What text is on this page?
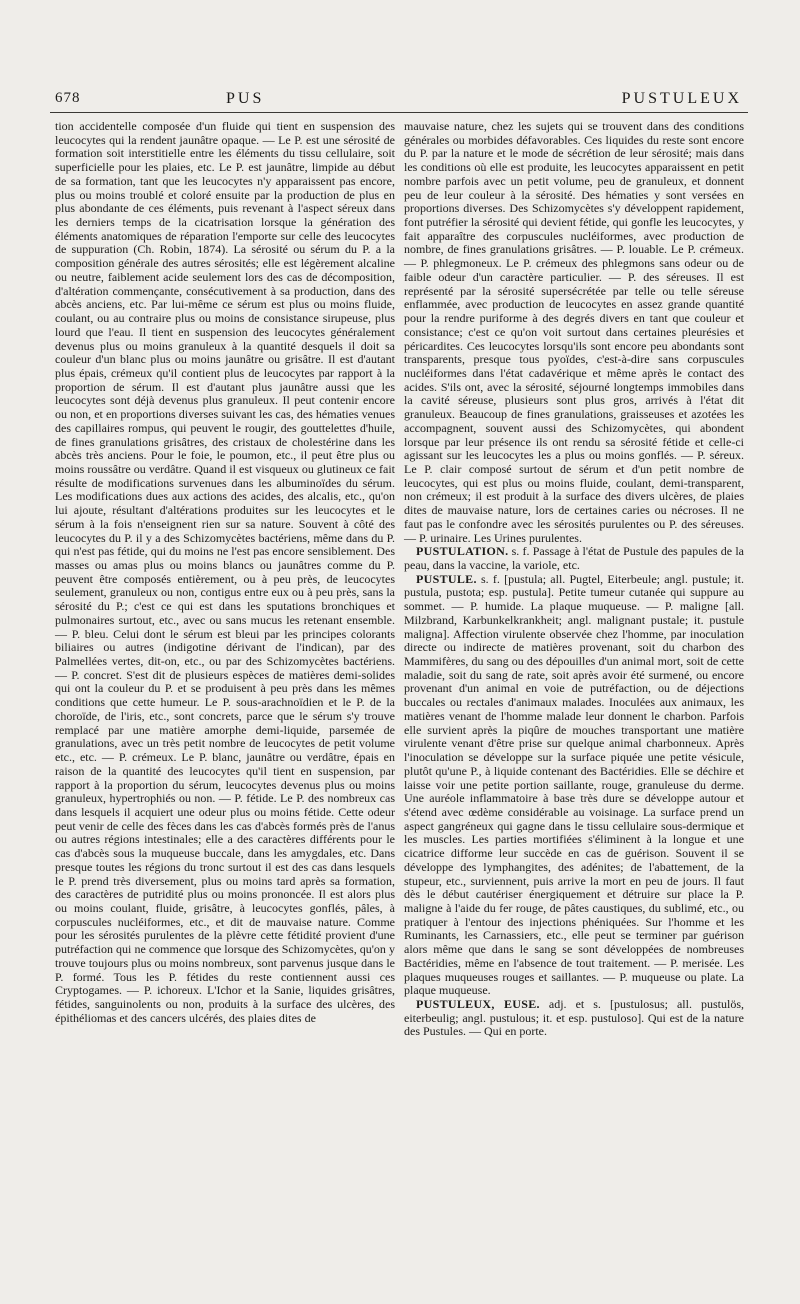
678	PUS	PUSTULEUX

tion accidentelle composée d'un fluide qui tient en suspension des leucocytes qui la rendent jaunâtre opaque. — Le P. est une sérosité de formation soit interstitielle entre les éléments du tissu cellulaire, soit superficielle pour les plaies, etc. Le P. est jaunâtre, limpide au début de sa formation, tant que les leucocytes n'y apparaissent pas encore, plus ou moins troublé et coloré ensuite par la production de plus en plus abondante de ces éléments, puis revenant à l'aspect séreux dans les derniers temps de la cicatrisation lorsque la génération des éléments anatomiques de réparation l'emporte sur celle des leucocytes de suppuration (Ch. Robin, 1874). La sérosité ou sérum du P. a la composition générale des autres sérosités; elle est légèrement alcaline ou neutre, faiblement acide seulement lors des cas de décomposition, d'altération commençante, consécutivement à sa production, dans des abcès anciens, etc. Par lui-même ce sérum est plus ou moins fluide, coulant, ou au contraire plus ou moins de consistance sirupeuse, plus lourd que l'eau. Il tient en suspension des leucocytes généralement devenus plus ou moins granuleux à la quantité desquels il doit sa couleur d'un blanc plus ou moins jaunâtre ou grisâtre. Il est d'autant plus épais, crémeux qu'il contient plus de leucocytes par rapport à la proportion de sérum. Il est d'autant plus jaunâtre aussi que les leucocytes sont déjà devenus plus granuleux. Il peut contenir encore ou non, et en proportions diverses suivant les cas, des hématies venues des capillaires rompus, qui peuvent le rougir, des gouttelettes d'huile, de fines granulations grisâtres, des cristaux de cholestérine dans les abcès très anciens. Pour le foie, le poumon, etc., il peut être plus ou moins roussâtre ou verdâtre. Quand il est visqueux ou glutineux ce fait résulte de modifications survenues dans les albuminoïdes du sérum. Les modifications dues aux actions des acides, des alcalis, etc., qu'on lui ajoute, résultant d'altérations produites sur les leucocytes et le sérum à la fois n'enseignent rien sur sa nature. Souvent à côté des leucocytes du P. il y a des Schizomycètes bactériens, même dans du P. qui n'est pas fétide, qui du moins ne l'est pas encore sensiblement. Des masses ou amas plus ou moins blancs ou jaunâtres comme du P. peuvent être composés entièrement, ou à peu près, de leucocytes seulement, granuleux ou non, contigus entre eux ou à peu près, sans la sérosité du P.; c'est ce qui est dans les sputations bronchiques et pulmonaires surtout, etc., avec ou sans mucus les retenant ensemble. — P. bleu. Celui dont le sérum est bleui par les principes colorants biliaires ou autres (indigotine dérivant de l'indican), par des Palmellées vertes, dit-on, etc., ou par des Schizomycètes bactériens. — P. concret. S'est dit de plusieurs espèces de matières demi-solides qui ont la couleur du P. et se produisent à peu près dans les mêmes conditions que cette humeur. Le P. sous-arachnoïdien et le P. de la choroïde, de l'iris, etc., sont concrets, parce que le sérum s'y trouve remplacé par une matière amorphe demi-liquide, parsemée de granulations, avec un très petit nombre de leucocytes de petit volume etc., etc. — P. crémeux. Le P. blanc, jaunâtre ou verdâtre, épais en raison de la quantité des leucocytes qu'il tient en suspension, par rapport à la proportion du sérum, leucocytes devenus plus ou moins granuleux, hypertrophiés ou non. — P. fétide. Le P. des nombreux cas dans lesquels il acquiert une odeur plus ou moins fétide. Cette odeur peut venir de celle des fèces dans les cas d'abcès formés près de l'anus ou autres régions intestinales; elle a des caractères différents pour le cas d'abcès sous la muqueuse buccale, dans les amygdales, etc. Dans presque toutes les régions du tronc surtout il est des cas dans lesquels le P. prend très diversement, plus ou moins tard après sa formation, des caractères de putridité plus ou moins prononcée. Il est alors plus ou moins coulant, fluide, grisâtre, à leucocytes gonflés, pâles, à corpuscules nucléiformes, etc., et dit de mauvaise nature. Comme pour les sérosités purulentes de la plèvre cette fétidité provient d'une putréfaction qui ne commence que lorsque des Schizomycètes, qu'on y trouve toujours plus ou moins nombreux, sont parvenus jusque dans le P. formé. Tous les P. fétides du reste contiennent aussi ces Cryptogames. — P. ichoreux. L'Ichor et la Sanie, liquides grisâtres, fétides, sanguinolents ou non, produits à la surface des ulcères, des épithéliomas et des cancers ulcérés, des plaies dites de

mauvaise nature, chez les sujets qui se trouvent dans des conditions générales ou morbides défavorables. Ces liquides du reste sont encore du P. par la nature et le mode de sécrétion de leur sérosité; mais dans les conditions où elle est produite, les leucocytes apparaissent en petit nombre parfois avec un petit volume, peu de granuleux, et donnent peu de leur couleur à la sérosité. Des hématies y sont versées en proportions diverses. Des Schizomycètes s'y développent rapidement, font putréfier la sérosité qui devient fétide, qui gonfle les leucocytes, y fait apparaître des corpuscules nucléiformes, avec production de nombre, de fines granulations grisâtres. — P. louable. Le P. crémeux. — P. phlegmoneux. Le P. crémeux des phlegmons sans odeur ou de faible odeur d'un caractère particulier. — P. des séreuses. Il est représenté par la sérosité supersécrétée par telle ou telle séreuse enflammée, avec production de leucocytes en assez grande quantité pour la rendre puriforme à des degrés divers en tant que couleur et consistance; c'est ce qu'on voit surtout dans certaines pleurésies et péricardites. Ces leucocytes lorsqu'ils sont encore peu abondants sont transparents, presque tous pyoïdes, c'est-à-dire sans corpuscules nucléiformes dans l'état cadavérique et même après le contact des acides. S'ils ont, avec la sérosité, séjourné longtemps immobiles dans la cavité séreuse, plusieurs sont plus gros, arrivés à l'état dit granuleux. Beaucoup de fines granulations, graisseuses et azotées les accompagnent, souvent aussi des Schizomycètes, qui abondent lorsque par leur présence ils ont rendu sa sérosité fétide et celle-ci agissant sur les leucocytes les a plus ou moins gonflés. — P. séreux. Le P. clair composé surtout de sérum et d'un petit nombre de leucocytes, qui est plus ou moins fluide, coulant, demi-transparent, non crémeux; il est produit à la surface des divers ulcères, de plaies dites de mauvaise nature, lors de certaines caries ou nécroses. Il ne faut pas le confondre avec les sérosités purulentes ou P. des séreuses. — P. urinaire. Les Urines purulentes.

PUSTULATION. s. f. Passage à l'état de Pustule des papules de la peau, dans la vaccine, la variole, etc.

PUSTULE. s. f. [pustula; all. Pugtel, Eiterbeule; angl. pustule; it. pustula, pustota; esp. pustula]. Petite tumeur cutanée qui suppure au sommet. — P. humide. La plaque muqueuse. — P. maligne [all. Milzbrand, Karbunkelkrankheit; angl. malignant pustale; it. pustule maligna]. Affection virulente observée chez l'homme, par inoculation directe ou indirecte de matières provenant, soit du charbon des Mammifères, du sang ou des dépouilles d'un animal mort, soit de cette maladie, soit du sang de rate, soit après avoir été surmené, ou encore provenant d'un animal en voie de putréfaction, ou de déjections buccales ou rectales d'animaux malades. Inoculées aux animaux, les matières venant de l'homme malade leur donnent le charbon. Parfois elle survient après la piqûre de mouches transportant une matière virulente venant d'être prise sur quelque animal charbonneux. Après l'inoculation se développe sur la surface piquée une petite vésicule, plutôt qu'une P., à liquide contenant des Bactéridies. Elle se déchire et laisse voir une petite portion saillante, rouge, granuleuse du derme. Une auréole inflammatoire à base très dure se développe autour et s'étend avec œdème considérable au voisinage. La surface prend un aspect gangréneux qui gagne dans le tissu cellulaire sous-dermique et les muscles. Les parties mortifiées s'éliminent à la longue et une cicatrice difforme leur succède en cas de guérison. Souvent il se développe des lymphangites, des adénites; de l'abattement, de la stupeur, etc., surviennent, puis arrive la mort en peu de jours. Il faut dès le début cautériser énergiquement et détruire sur place la P. maligne à l'aide du fer rouge, de pâtes caustiques, du sublimé, etc., ou pratiquer à l'entour des injections phéniquées. Sur l'homme et les Ruminants, les Carnassiers, etc., elle peut se terminer par guérison alors même que dans le sang se sont développées de nombreuses Bactéridies, même en l'absence de tout traitement. — P. merisée. Les plaques muqueuses rouges et saillantes. — P. muqueuse ou plate. La plaque muqueuse.

PUSTULEUX, EUSE. adj. et s. [pustulosus; all. pustulös, eiterbeulig; angl. pustulous; it. et esp. pustuloso]. Qui est de la nature des Pustules. — Qui en porte.
